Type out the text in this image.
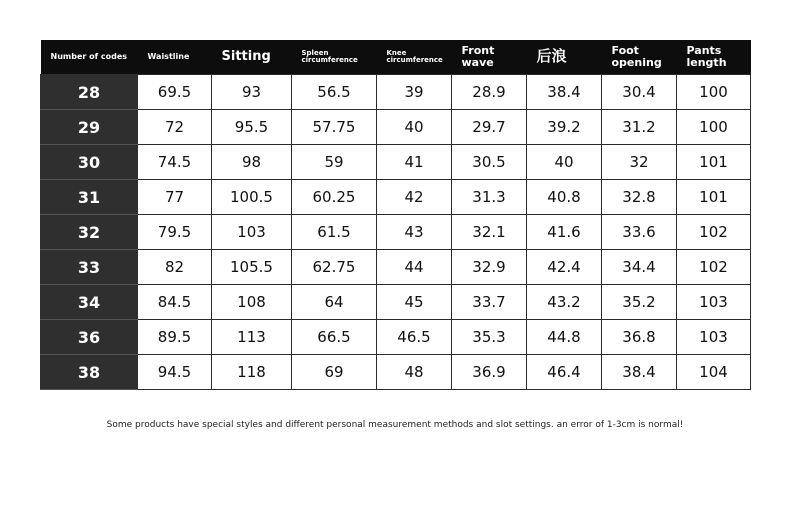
Number of codes	Waistline	Sitting	Spleen circumference	Knee circumference	Front wave	后浪	Foot opening	Pants length
28	69.5	93	56.5	39	28.9	38.4	30.4	100
29	72	95.5	57.75	40	29.7	39.2	31.2	100
30	74.5	98	59	41	30.5	40	32	101
31	77	100.5	60.25	42	31.3	40.8	32.8	101
32	79.5	103	61.5	43	32.1	41.6	33.6	102
33	82	105.5	62.75	44	32.9	42.4	34.4	102
34	84.5	108	64	45	33.7	43.2	35.2	103
36	89.5	113	66.5	46.5	35.3	44.8	36.8	103
38	94.5	118	69	48	36.9	46.4	38.4	104
Some products have special styles and different personal measurement methods and slot settings. an error of 1-3cm is normal!
